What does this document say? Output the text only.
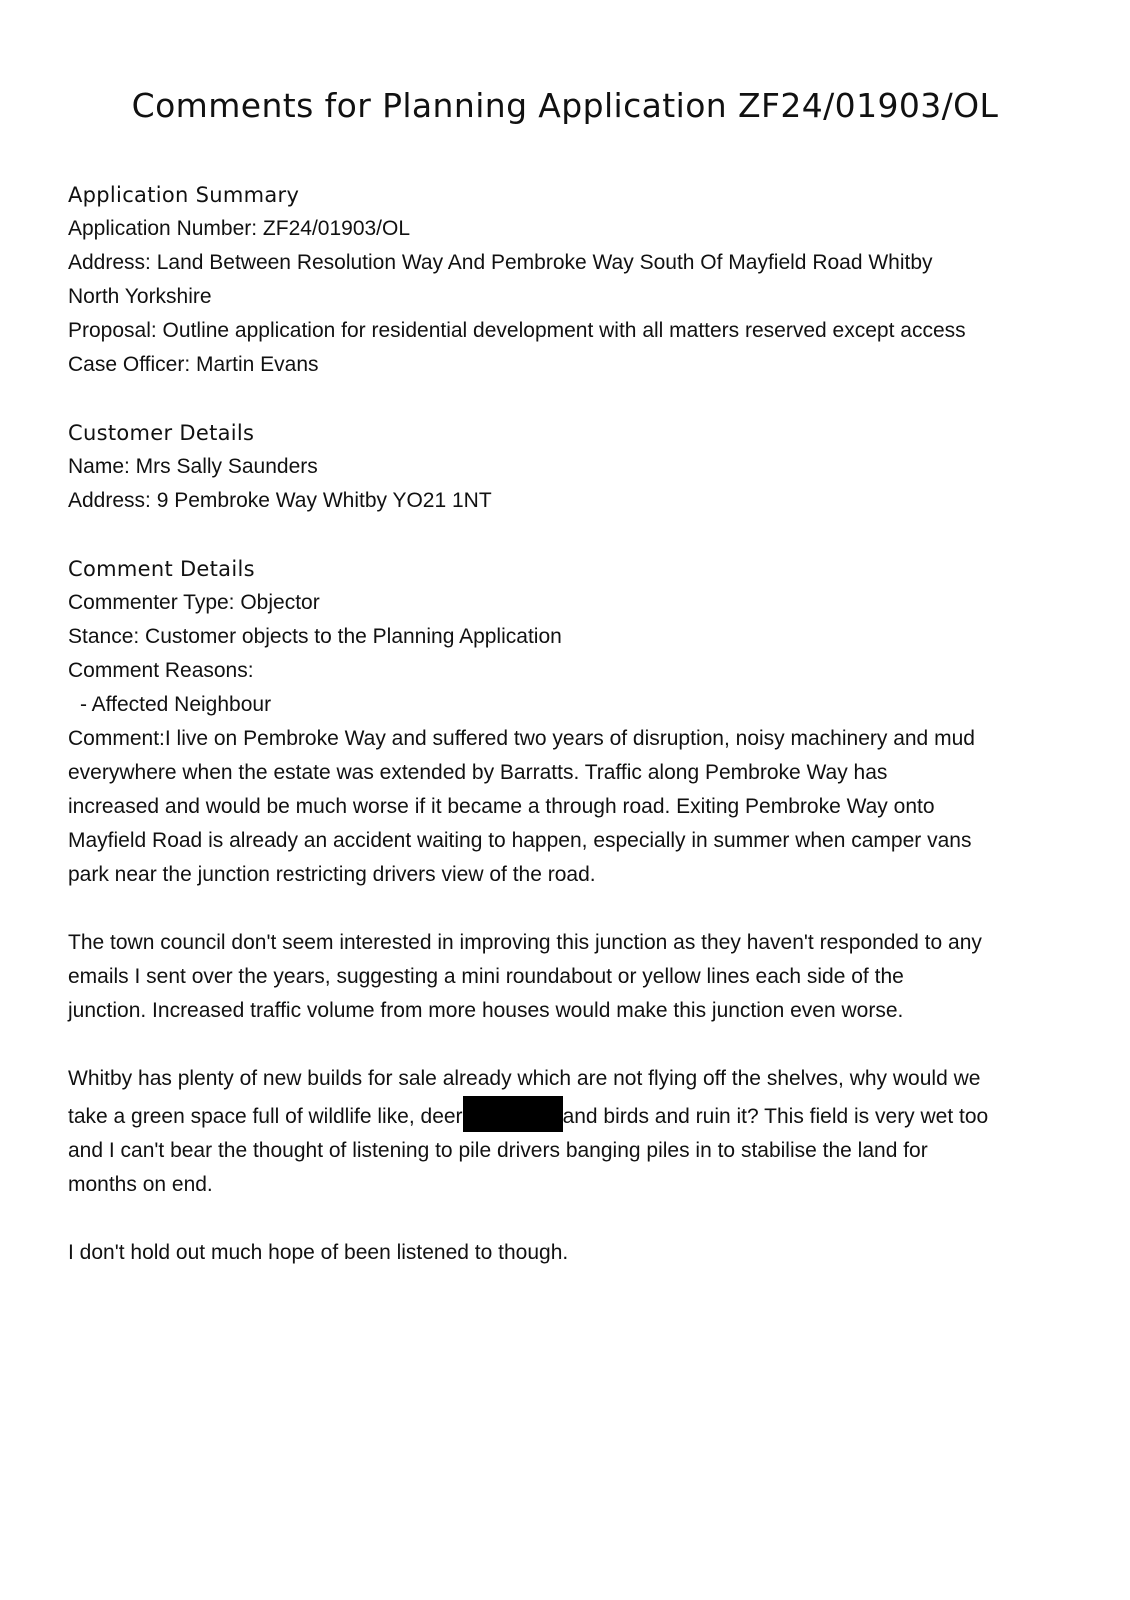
Comments for Planning Application ZF24/01903/OL
Application Summary
Application Number: ZF24/01903/OL
Address: Land Between Resolution Way And Pembroke Way South Of Mayfield Road Whitby
North Yorkshire
Proposal: Outline application for residential development with all matters reserved except access
Case Officer: Martin Evans
Customer Details
Name: Mrs Sally Saunders
Address: 9 Pembroke Way Whitby YO21 1NT
Comment Details
Commenter Type: Objector
Stance: Customer objects to the Planning Application
Comment Reasons:
- Affected Neighbour
Comment:I live on Pembroke Way and suffered two years of disruption, noisy machinery and mud
everywhere when the estate was extended by Barratts. Traffic along Pembroke Way has
increased and would be much worse if it became a through road. Exiting Pembroke Way onto
Mayfield Road is already an accident waiting to happen, especially in summer when camper vans
park near the junction restricting drivers view of the road.
The town council don't seem interested in improving this junction as they haven't responded to any
emails I sent over the years, suggesting a mini roundabout or yellow lines each side of the
junction. Increased traffic volume from more houses would make this junction even worse.
Whitby has plenty of new builds for sale already which are not flying off the shelves, why would we
take a green space full of wildlife like, deer	and birds and ruin it? This field is very wet too
and I can't bear the thought of listening to pile drivers banging piles in to stabilise the land for
months on end.
I don't hold out much hope of been listened to though.
